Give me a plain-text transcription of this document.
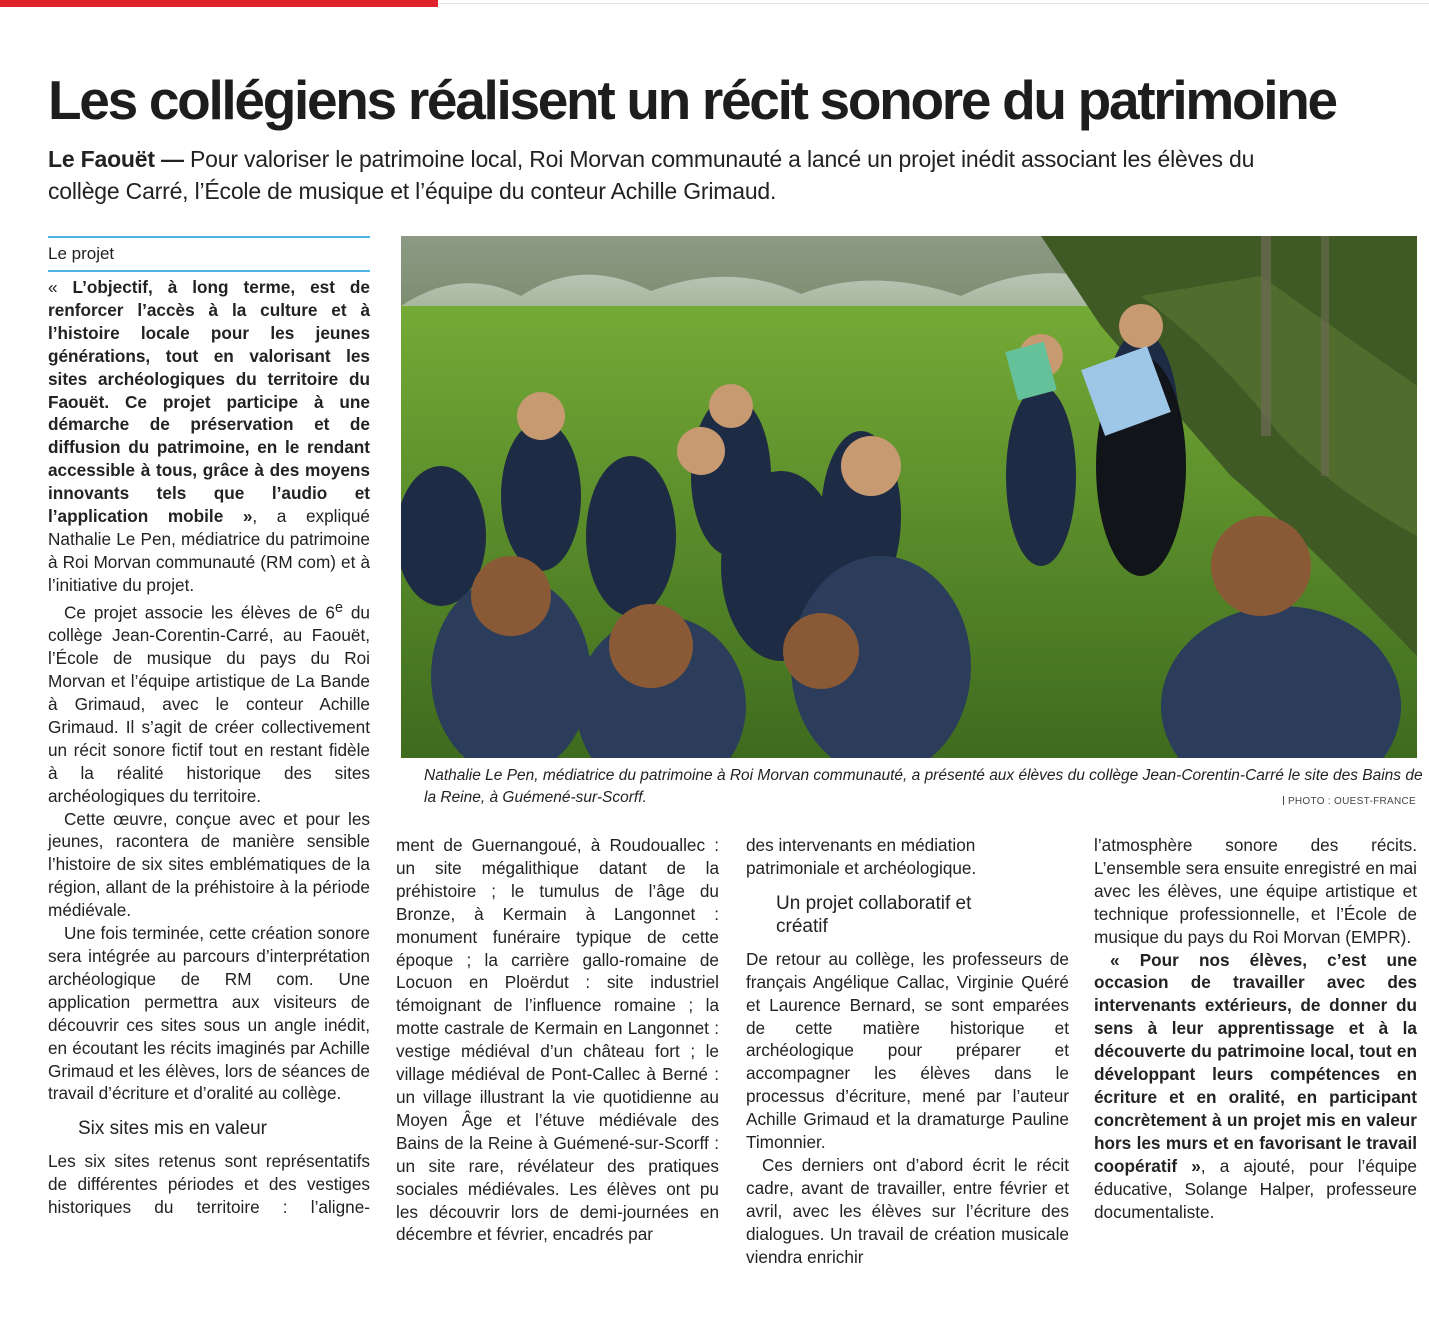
Les collégiens réalisent un récit sonore du patrimoine

Le Faouët — Pour valoriser le patrimoine local, Roi Morvan communauté a lancé un projet inédit associant les élèves du collège Carré, l’École de musique et l’équipe du conteur Achille Grimaud.

Le projet

« L’objectif, à long terme, est de renforcer l’accès à la culture et à l’histoire locale pour les jeunes générations, tout en valorisant les sites archéologiques du territoire du Faouët. Ce projet participe à une démarche de préservation et de diffusion du patrimoine, en le rendant accessible à tous, grâce à des moyens innovants tels que l’audio et l’application mobile », a expliqué Nathalie Le Pen, médiatrice du patrimoine à Roi Morvan communauté (RM com) et à l’initiative du projet.

Ce projet associe les élèves de 6e du collège Jean-Corentin-Carré, au Faouët, l’École de musique du pays du Roi Morvan et l’équipe artistique de La Bande à Grimaud, avec le conteur Achille Grimaud. Il s’agit de créer collectivement un récit sonore fictif tout en restant fidèle à la réalité historique des sites archéologiques du territoire.

Cette œuvre, conçue avec et pour les jeunes, racontera de manière sensible l’histoire de six sites emblématiques de la région, allant de la préhistoire à la période médiévale.

Une fois terminée, cette création sonore sera intégrée au parcours d’interprétation archéologique de RM com. Une application permettra aux visiteurs de découvrir ces sites sous un angle inédit, en écoutant les récits imaginés par Achille Grimaud et les élèves, lors de séances de travail d’écriture et d’oralité au collège.

Six sites mis en valeur

Les six sites retenus sont représentatifs de différentes périodes et des vestiges historiques du territoire : l’aligne-

Nathalie Le Pen, médiatrice du patrimoine à Roi Morvan communauté, a présenté aux élèves du collège Jean-Corentin-Carré le site des Bains de la Reine, à Guémené-sur-Scorff.	PHOTO : OUEST-FRANCE

ment de Guernangoué, à Roudouallec : un site mégalithique datant de la préhistoire ; le tumulus de l’âge du Bronze, à Kermain à Langonnet : monument funéraire typique de cette époque ; la carrière gallo-romaine de Locuon en Ploërdut : site industriel témoignant de l’influence romaine ; la motte castrale de Kermain en Langonnet : vestige médiéval d’un château fort ; le village médiéval de Pont-Callec à Berné : un village illustrant la vie quotidienne au Moyen Âge et l’étuve médiévale des Bains de la Reine à Guémené-sur-Scorff : un site rare, révélateur des pratiques sociales médiévales. Les élèves ont pu les découvrir lors de demi-journées en décembre et février, encadrés par

des intervenants en médiation patrimoniale et archéologique.

Un projet collaboratif et créatif

De retour au collège, les professeurs de français Angélique Callac, Virginie Quéré et Laurence Bernard, se sont emparées de cette matière historique et archéologique pour préparer et accompagner les élèves dans le processus d’écriture, mené par l’auteur Achille Grimaud et la dramaturge Pauline Timonnier.

Ces derniers ont d’abord écrit le récit cadre, avant de travailler, entre février et avril, avec les élèves sur l’écriture des dialogues. Un travail de création musicale viendra enrichir

l’atmosphère sonore des récits. L’ensemble sera ensuite enregistré en mai avec les élèves, une équipe artistique et technique professionnelle, et l’École de musique du pays du Roi Morvan (EMPR).

« Pour nos élèves, c’est une occasion de travailler avec des intervenants extérieurs, de donner du sens à leur apprentissage et à la découverte du patrimoine local, tout en développant leurs compétences en écriture et en oralité, en participant concrètement à un projet mis en valeur hors les murs et en favorisant le travail coopératif », a ajouté, pour l’équipe éducative, Solange Halper, professeure documentaliste.
